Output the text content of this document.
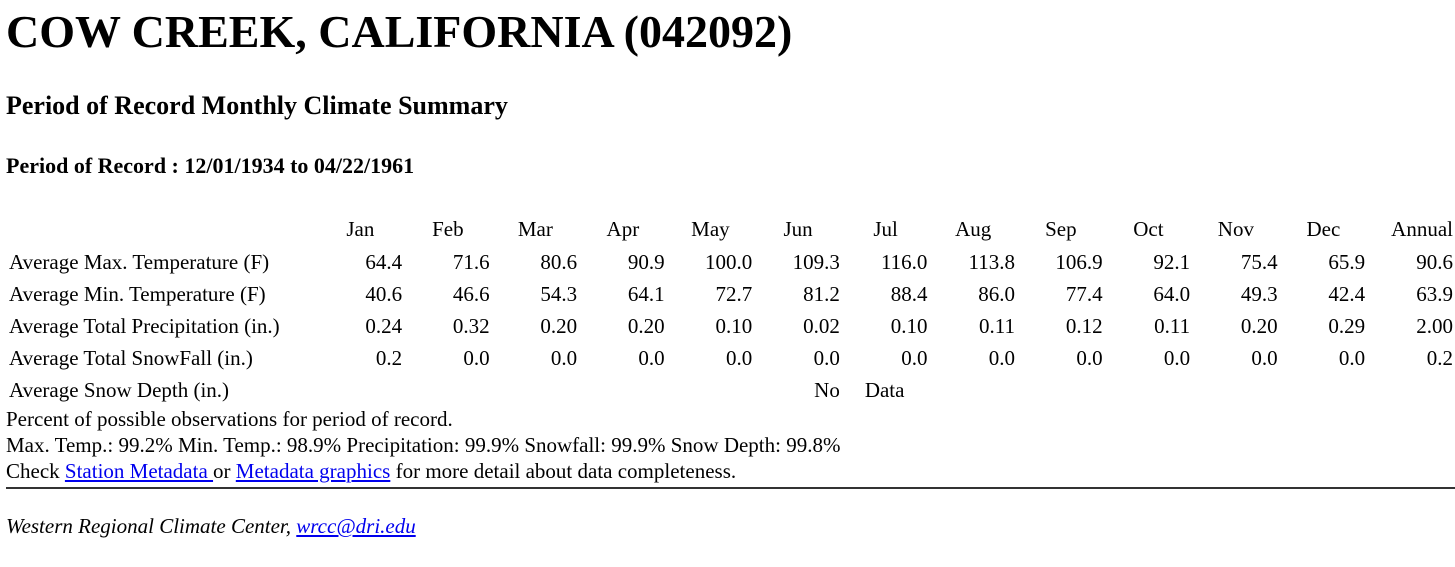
COW CREEK, CALIFORNIA (042092)
Period of Record Monthly Climate Summary
Period of Record : 12/01/1934 to 04/22/1961
	Jan	Feb	Mar	Apr	May	Jun	Jul	Aug	Sep	Oct	Nov	Dec	Annual
Average Max. Temperature (F)	64.4	71.6	80.6	90.9	100.0	109.3	116.0	113.8	106.9	92.1	75.4	65.9	90.6
Average Min. Temperature (F)	40.6	46.6	54.3	64.1	72.7	81.2	88.4	86.0	77.4	64.0	49.3	42.4	63.9
Average Total Precipitation (in.)	0.24	0.32	0.20	0.20	0.10	0.02	0.10	0.11	0.12	0.11	0.20	0.29	2.00
Average Total SnowFall (in.)	0.2	0.0	0.0	0.0	0.0	0.0	0.0	0.0	0.0	0.0	0.0	0.0	0.2
Average Snow Depth (in.)						No	Data						
Percent of possible observations for period of record.
Max. Temp.: 99.2% Min. Temp.: 98.9% Precipitation: 99.9% Snowfall: 99.9% Snow Depth: 99.8%
Check Station Metadata or Metadata graphics for more detail about data completeness.
Western Regional Climate Center, wrcc@dri.edu
